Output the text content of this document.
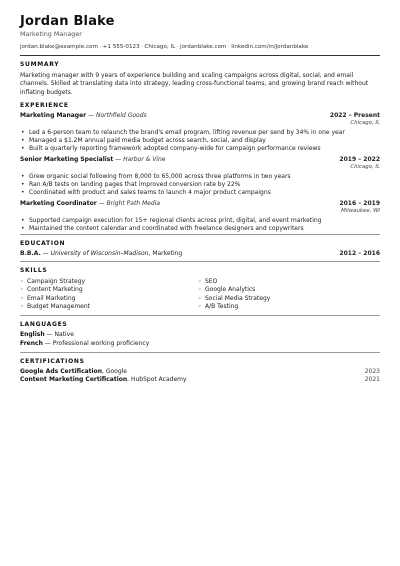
Jordan Blake
Marketing Manager
jordan.blake@example.com · +1 555-0123 · Chicago, IL · jordanblake.com · linkedin.com/in/jordanblake
SUMMARY
Marketing manager with 9 years of experience building and scaling campaigns across digital, social, and email channels. Skilled at translating data into strategy, leading cross-functional teams, and growing brand reach without inflating budgets.
EXPERIENCE
Marketing Manager — Northfield Goods	2022 – Present
Chicago, IL
• Led a 6-person team to relaunch the brand's email program, lifting revenue per send by 34% in one year
• Managed a $1.2M annual paid media budget across search, social, and display
• Built a quarterly reporting framework adopted company-wide for campaign performance reviews
Senior Marketing Specialist — Harbor & Vine	2019 – 2022
Chicago, IL
• Grew organic social following from 8,000 to 65,000 across three platforms in two years
• Ran A/B tests on landing pages that improved conversion rate by 22%
• Coordinated with product and sales teams to launch 4 major product campaigns
Marketing Coordinator — Bright Path Media	2016 – 2019
Milwaukee, WI
• Supported campaign execution for 15+ regional clients across print, digital, and event marketing
• Maintained the content calendar and coordinated with freelance designers and copywriters
EDUCATION
B.B.A. — University of Wisconsin–Madison, Marketing	2012 – 2016
SKILLS
◦ Campaign Strategy
◦ Content Marketing
◦ Email Marketing
◦ Budget Management
◦ SEO
◦ Google Analytics
◦ Social Media Strategy
◦ A/B Testing
LANGUAGES
English — Native
French — Professional working proficiency
CERTIFICATIONS
Google Ads Certification, Google	2023
Content Marketing Certification, HubSpot Academy	2021
